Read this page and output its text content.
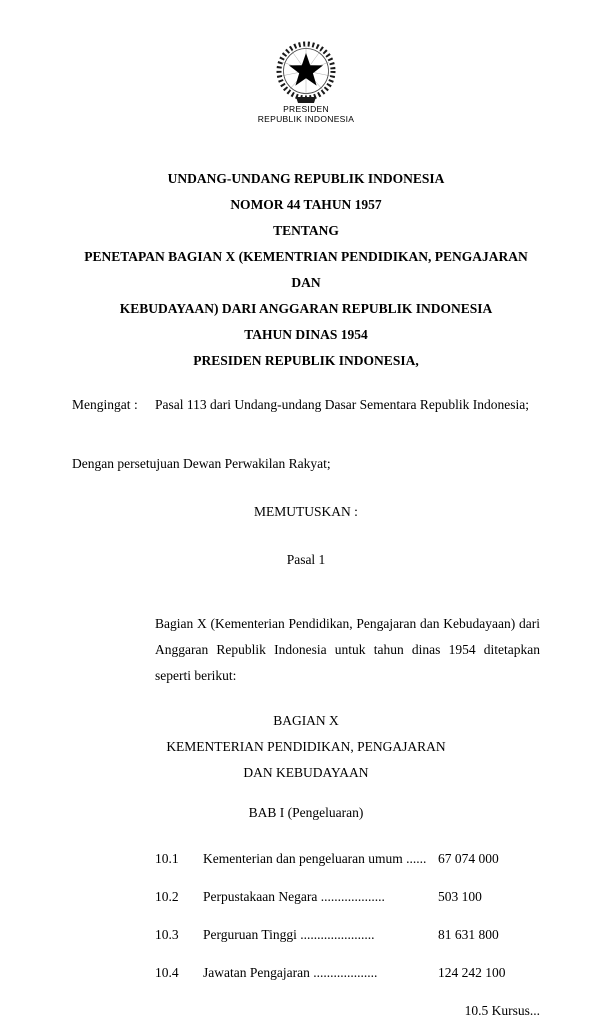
PRESIDEN
REPUBLIK INDONESIA
UNDANG-UNDANG REPUBLIK INDONESIA
NOMOR 44 TAHUN 1957
TENTANG
PENETAPAN BAGIAN X (KEMENTRIAN PENDIDIKAN, PENGAJARAN DAN
KEBUDAYAAN) DARI ANGGARAN REPUBLIK INDONESIA
TAHUN DINAS 1954
PRESIDEN REPUBLIK INDONESIA,
Mengingat :	Pasal 113 dari Undang-undang Dasar Sementara Republik Indonesia;
Dengan persetujuan Dewan Perwakilan Rakyat;
MEMUTUSKAN :
Pasal 1
Bagian X (Kementerian Pendidikan, Pengajaran dan Kebudayaan) dari Anggaran Republik Indonesia untuk tahun dinas 1954 ditetapkan seperti berikut:
BAGIAN X
KEMENTERIAN PENDIDIKAN, PENGAJARAN
DAN KEBUDAYAAN
BAB I (Pengeluaran)
10.1	Kementerian dan pengeluaran umum ...... 67 074 000
10.2	Perpustakaan Negara ...................	503 100
10.3	Perguruan Tinggi ......................	81 631 800
10.4	Jawatan Pengajaran ...................	124 242 100
10.5 Kursus...
